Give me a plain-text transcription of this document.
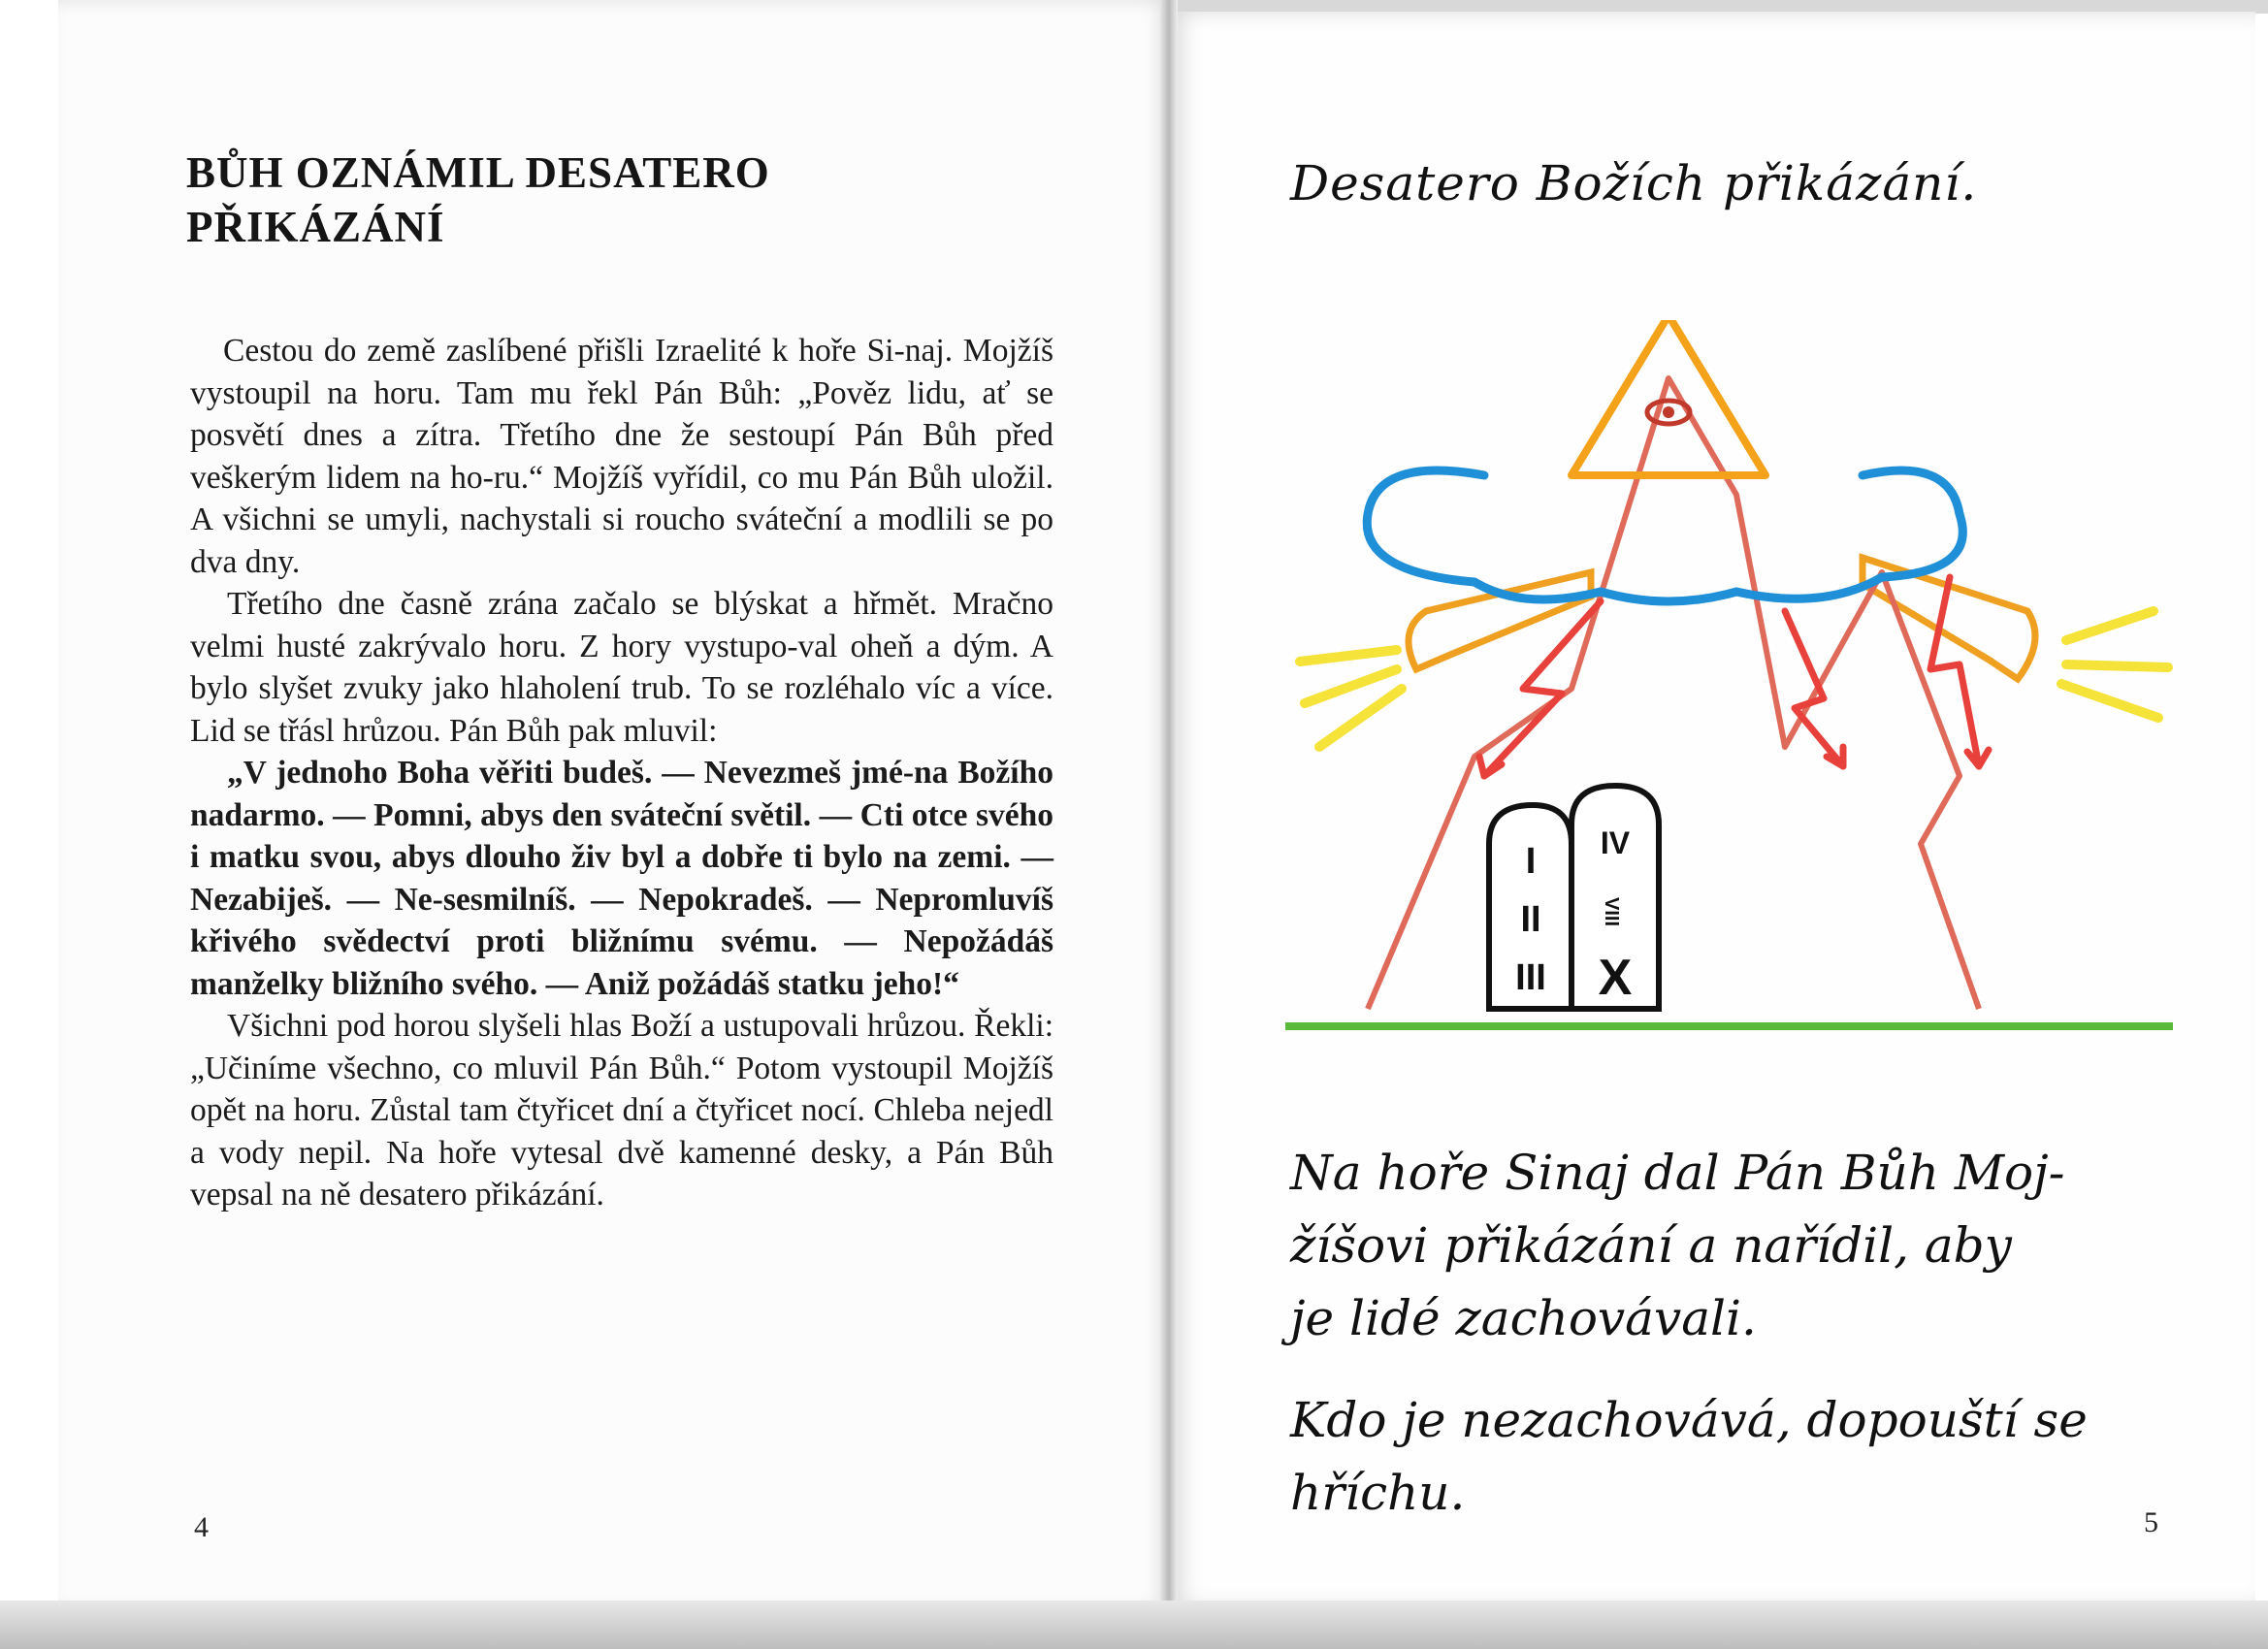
BŮH OZNÁMIL DESATERO
PŘIKÁZÁNÍ

Cestou do země zaslíbené přišli Izraelité k hoře Si-naj. Mojžíš vystoupil na horu. Tam mu řekl Pán Bůh: „Pověz lidu, ať se posvětí dnes a zítra. Třetího dne že sestoupí Pán Bůh před veškerým lidem na ho-ru.“ Mojžíš vyřídil, co mu Pán Bůh uložil. A všichni se umyli, nachystali si roucho sváteční a modlili se po dva dny.

Třetího dne časně zrána začalo se blýskat a hřmět. Mračno velmi husté zakrývalo horu. Z hory vystupo-val oheň a dým. A bylo slyšet zvuky jako hlaholení trub. To se rozléhalo víc a více. Lid se třásl hrůzou. Pán Bůh pak mluvil:

„V jednoho Boha věřiti budeš. — Nevezmeš jmé-na Božího nadarmo. — Pomni, abys den sváteční světil. — Cti otce svého i matku svou, abys dlouho živ byl a dobře ti bylo na zemi. — Nezabiješ. — Ne-sesmilníš. — Nepokradeš. — Nepromluvíš křivého svědectví proti bližnímu svému. — Nepožádáš manželky bližního svého. — Aniž požádáš statku jeho!“

Všichni pod horou slyšeli hlas Boží a ustupovali hrůzou. Řekli: „Učiníme všechno, co mluvil Pán Bůh.“ Potom vystoupil Mojžíš opět na horu. Zůstal tam čtyřicet dní a čtyřicet nocí. Chleba nejedl a vody nepil. Na hoře vytesal dvě kamenné desky, a Pán Bůh vepsal na ně desatero přikázání.

4
Desatero Božích přikázání.
I
II
III
IV
VIII
X
Na hoře Sinaj dal Pán Bůh Moj-
žíšovi přikázání a nařídil, aby
je lidé zachovávali.
Kdo je nezachovává, dopouští se
hříchu.
5
